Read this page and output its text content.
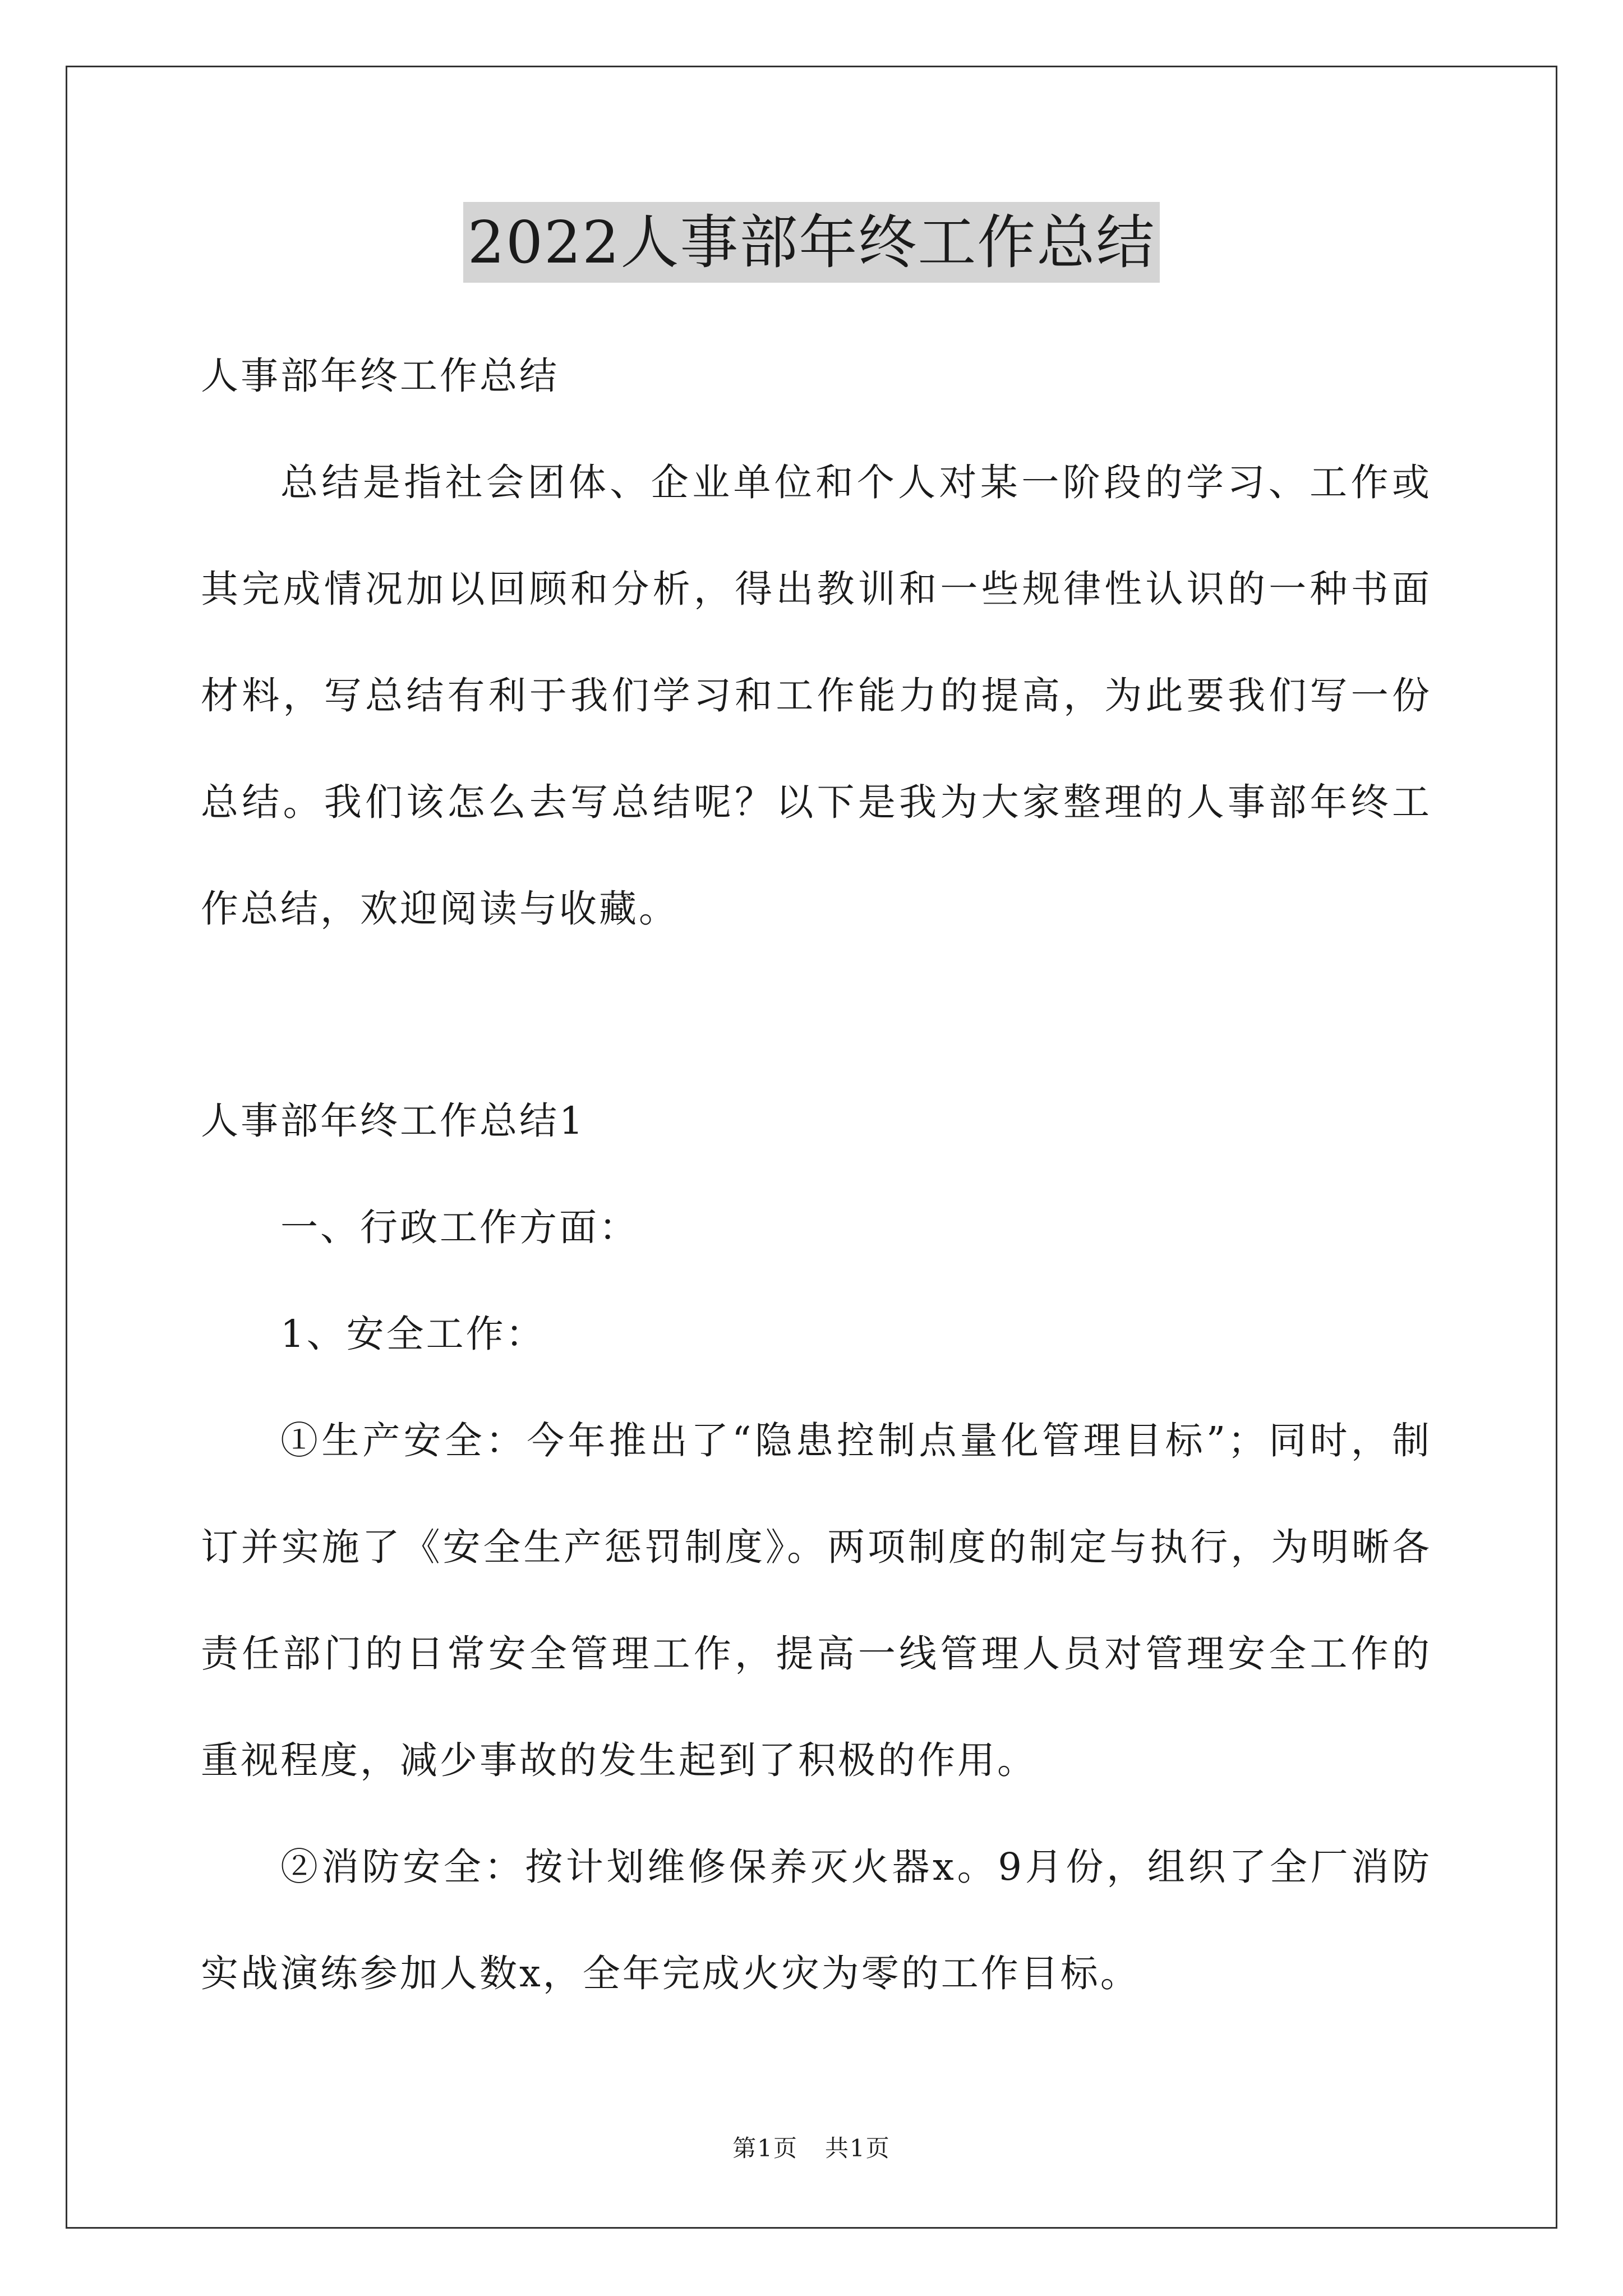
2022人事部年终工作总结
人事部年终工作总结
总结是指社会团体、企业单位和个人对某一阶段的学习、工作或
其完成情况加以回顾和分析，得出教训和一些规律性认识的一种书面
材料，写总结有利于我们学习和工作能力的提高，为此要我们写一份
总结。我们该怎么去写总结呢？以下是我为大家整理的人事部年终工
作总结，欢迎阅读与收藏。
人事部年终工作总结1
一、行政工作方面：
1、安全工作：
①生产安全：今年推出了“隐患控制点量化管理目标”；同时，制
订并实施了《安全生产惩罚制度》。两项制度的制定与执行，为明晰各
责任部门的日常安全管理工作，提高一线管理人员对管理安全工作的
重视程度，减少事故的发生起到了积极的作用。
②消防安全：按计划维修保养灭火器x。9月份，组织了全厂消防
实战演练参加人数x，全年完成火灾为零的工作目标。
第1页 共1页
